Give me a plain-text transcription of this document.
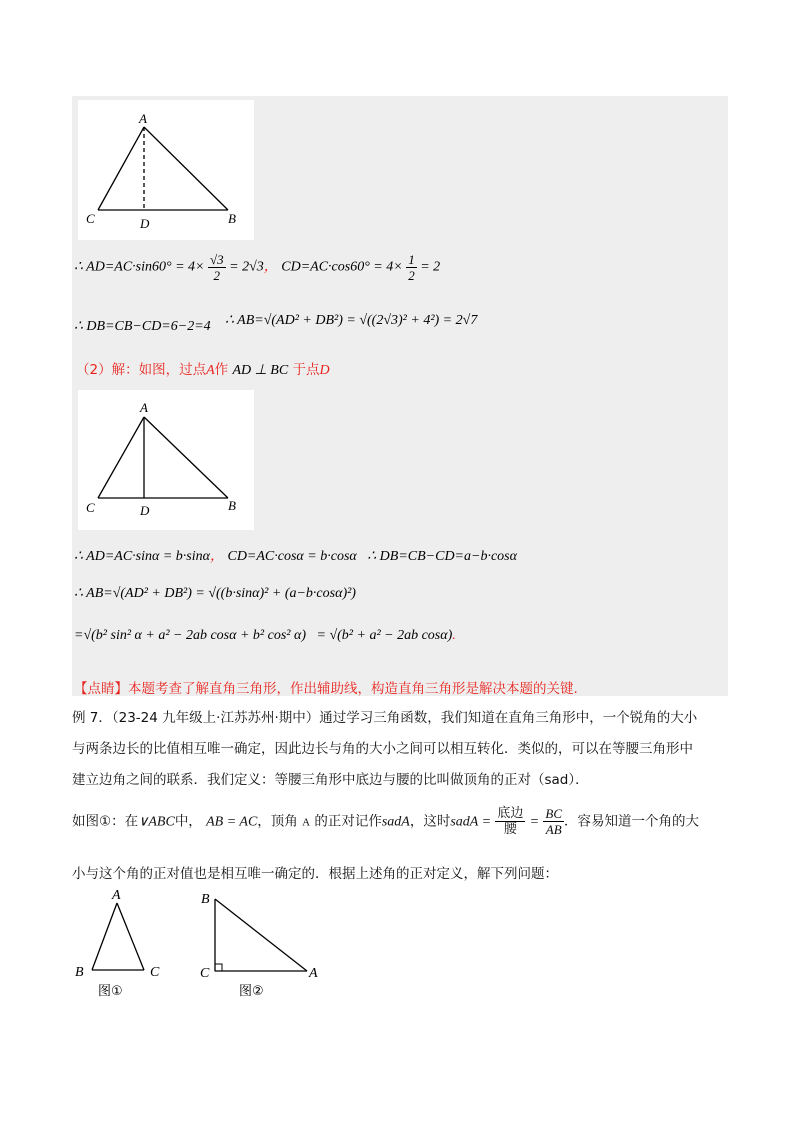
A
C	D	B
∴ $AD=AC\cdot\sin 60^\circ = 4\times \frac{√3}{2} = 2√3$， $CD=AC\cdot\cos 60^\circ = 4\times \frac{1}{2} = 2$
∴ DB=CB−CD=6−2=4 ∴ AB=√(AD² + DB²) = √((2√3)² + 4²) = 2√7
（2）解：如图，过点A作 AD ⊥ BC 于点D
A
C	D	B
∴ AD=AC·sinα = b·sinα， CD=AC·cosα = b·cosα ∴ DB=CB−CD=a−b·cosα
∴ AB=√(AD² + DB²) = √((b·sinα)² + (a−b·cosα)²)
=√(b² sin² α + a² − 2ab cosα + b² cos² α) = √(b² + a² − 2ab cosα).
【点睛】本题考查了解直角三角形，作出辅助线，构造直角三角形是解决本题的关键.
例 7．（23-24 九年级上·江苏苏州·期中）通过学习三角函数，我们知道在直角三角形中，一个锐角的大小
与两条边长的比值相互唯一确定，因此边长与角的大小之间可以相互转化．类似的，可以在等腰三角形中
建立边角之间的联系．我们定义：等腰三角形中底边与腰的比叫做顶角的正对（sad）．
如图①：在∨ABC中， AB = AC，顶角 A 的正对记作sadA，这时sadA = $\frac{\text{底边}}{\text{腰}} = \frac{BC}{AB}$ ．容易知道一个角的大
小与这个角的正对值也是相互唯一确定的．根据上述角的正对定义，解下列问题：
A
B	C
图①
B
C	A
图②
